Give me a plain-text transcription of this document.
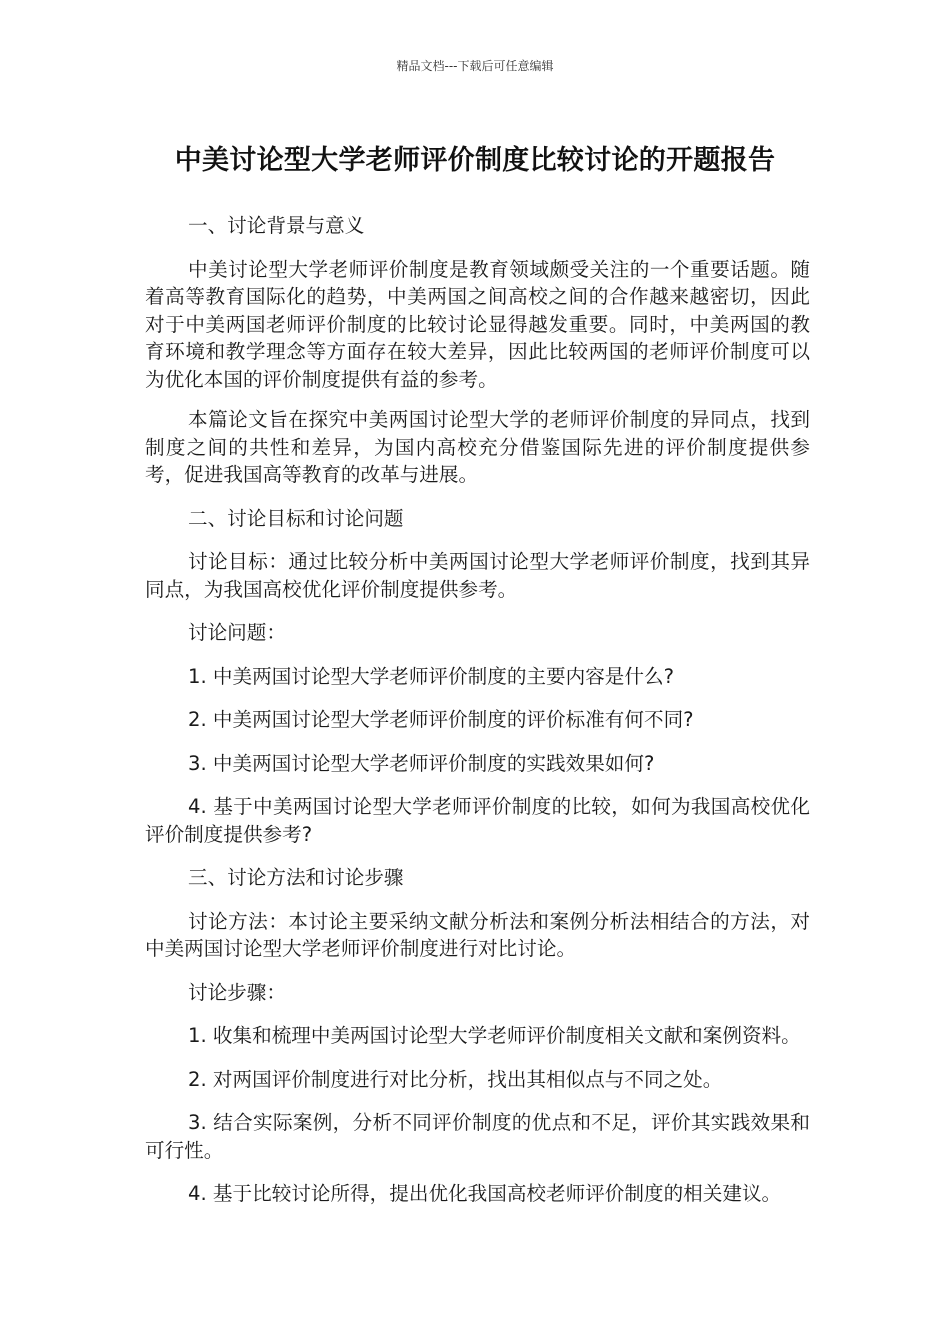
精品文档---下载后可任意编辑
中美讨论型大学老师评价制度比较讨论的开题报告

一、讨论背景与意义

中美讨论型大学老师评价制度是教育领域颇受关注的一个重要话题。随着高等教育国际化的趋势，中美两国之间高校之间的合作越来越密切，因此对于中美两国老师评价制度的比较讨论显得越发重要。同时，中美两国的教育环境和教学理念等方面存在较大差异，因此比较两国的老师评价制度可以为优化本国的评价制度提供有益的参考。

本篇论文旨在探究中美两国讨论型大学的老师评价制度的异同点，找到制度之间的共性和差异，为国内高校充分借鉴国际先进的评价制度提供参考，促进我国高等教育的改革与进展。

二、讨论目标和讨论问题

讨论目标：通过比较分析中美两国讨论型大学老师评价制度，找到其异同点，为我国高校优化评价制度提供参考。

讨论问题：

1. 中美两国讨论型大学老师评价制度的主要内容是什么?

2. 中美两国讨论型大学老师评价制度的评价标准有何不同?

3. 中美两国讨论型大学老师评价制度的实践效果如何?

4. 基于中美两国讨论型大学老师评价制度的比较，如何为我国高校优化评价制度提供参考?

三、讨论方法和讨论步骤

讨论方法：本讨论主要采纳文献分析法和案例分析法相结合的方法，对中美两国讨论型大学老师评价制度进行对比讨论。

讨论步骤：

1. 收集和梳理中美两国讨论型大学老师评价制度相关文献和案例资料。

2. 对两国评价制度进行对比分析，找出其相似点与不同之处。

3. 结合实际案例，分析不同评价制度的优点和不足，评价其实践效果和可行性。

4. 基于比较讨论所得，提出优化我国高校老师评价制度的相关建议。
